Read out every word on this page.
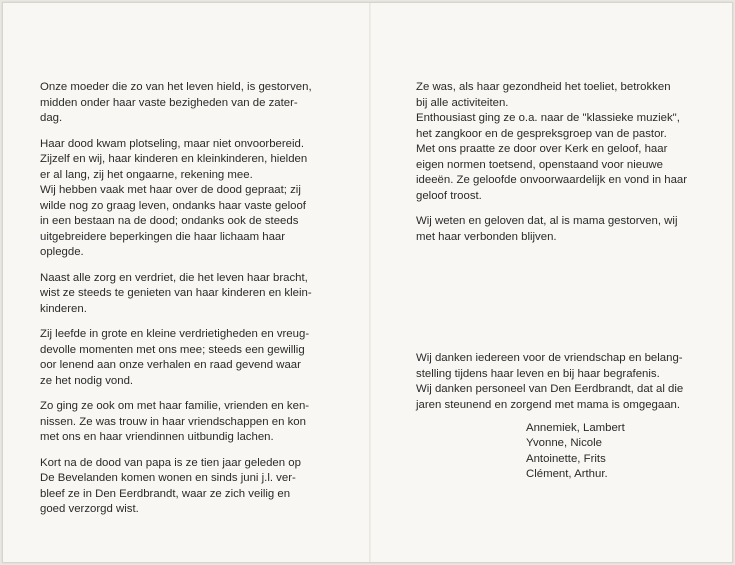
Onze moeder die zo van het leven hield, is gestorven,
midden onder haar vaste bezigheden van de zater-
dag.

Haar dood kwam plotseling, maar niet onvoorbereid.
Zijzelf en wij, haar kinderen en kleinkinderen, hielden
er al lang, zij het ongaarne, rekening mee.
Wij hebben vaak met haar over de dood gepraat; zij
wilde nog zo graag leven, ondanks haar vaste geloof
in een bestaan na de dood; ondanks ook de steeds
uitgebreidere beperkingen die haar lichaam haar
oplegde.

Naast alle zorg en verdriet, die het leven haar bracht,
wist ze steeds te genieten van haar kinderen en klein-
kinderen.

Zij leefde in grote en kleine verdrietigheden en vreug-
devolle momenten met ons mee; steeds een gewillig
oor lenend aan onze verhalen en raad gevend waar
ze het nodig vond.

Zo ging ze ook om met haar familie, vrienden en ken-
nissen. Ze was trouw in haar vriendschappen en kon
met ons en haar vriendinnen uitbundig lachen.

Kort na de dood van papa is ze tien jaar geleden op
De Bevelanden komen wonen en sinds juni j.l. ver-
bleef ze in Den Eerdbrandt, waar ze zich veilig en
goed verzorgd wist.

Ze was, als haar gezondheid het toeliet, betrokken
bij alle activiteiten.
Enthousiast ging ze o.a. naar de "klassieke muziek",
het zangkoor en de gespreksgroep van de pastor.
Met ons praatte ze door over Kerk en geloof, haar
eigen normen toetsend, openstaand voor nieuwe
ideeën. Ze geloofde onvoorwaardelijk en vond in haar
geloof troost.

Wij weten en geloven dat, al is mama gestorven, wij
met haar verbonden blijven.

Wij danken iedereen voor de vriendschap en belang-
stelling tijdens haar leven en bij haar begrafenis.
Wij danken personeel van Den Eerdbrandt, dat al die
jaren steunend en zorgend met mama is omgegaan.

Annemiek, Lambert
Yvonne, Nicole
Antoinette, Frits
Clément, Arthur.
